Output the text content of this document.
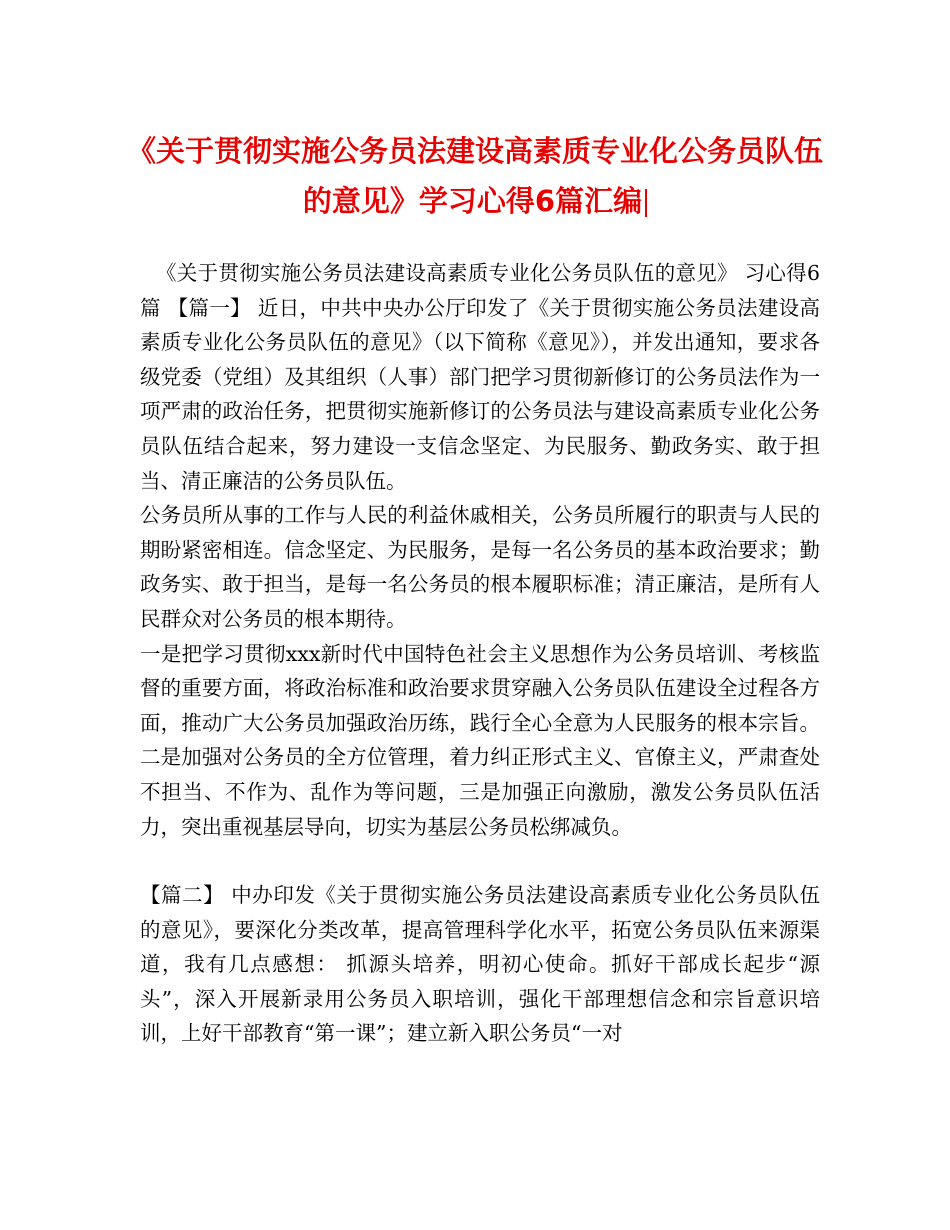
《关于贯彻实施公务员法建设高素质专业化公务员队伍
的意见》学习心得6篇汇编

《关于贯彻实施公务员法建设高素质专业化公务员队伍的意见》 习心得6篇 【篇一】 近日，中共中央办公厅印发了《关于贯彻实施公务员法建设高素质专业化公务员队伍的意见》（以下简称《意见》），并发出通知，要求各级党委（党组）及其组织（人事）部门把学习贯彻新修订的公务员法作为一项严肃的政治任务，把贯彻实施新修订的公务员法与建设高素质专业化公务员队伍结合起来，努力建设一支信念坚定、为民服务、勤政务实、敢于担当、清正廉洁的公务员队伍。

公务员所从事的工作与人民的利益休戚相关，公务员所履行的职责与人民的期盼紧密相连。信念坚定、为民服务，是每一名公务员的基本政治要求；勤政务实、敢于担当，是每一名公务员的根本履职标准；清正廉洁，是所有人民群众对公务员的根本期待。

一是把学习贯彻xxx新时代中国特色社会主义思想作为公务员培训、考核监督的重要方面，将政治标准和政治要求贯穿融入公务员队伍建设全过程各方面，推动广大公务员加强政治历练，践行全心全意为人民服务的根本宗旨。二是加强对公务员的全方位管理，着力纠正形式主义、官僚主义，严肃查处不担当、不作为、乱作为等问题，三是加强正向激励，激发公务员队伍活力，突出重视基层导向，切实为基层公务员松绑减负。

【篇二】 中办印发《关于贯彻实施公务员法建设高素质专业化公务员队伍的意见》，要深化分类改革，提高管理科学化水平，拓宽公务员队伍来源渠道，我有几点感想： 抓源头培养，明初心使命。抓好干部成长起步“源头”，深入开展新录用公务员入职培训，强化干部理想信念和宗旨意识培训，上好干部教育“第一课”；建立新入职公务员“一对
